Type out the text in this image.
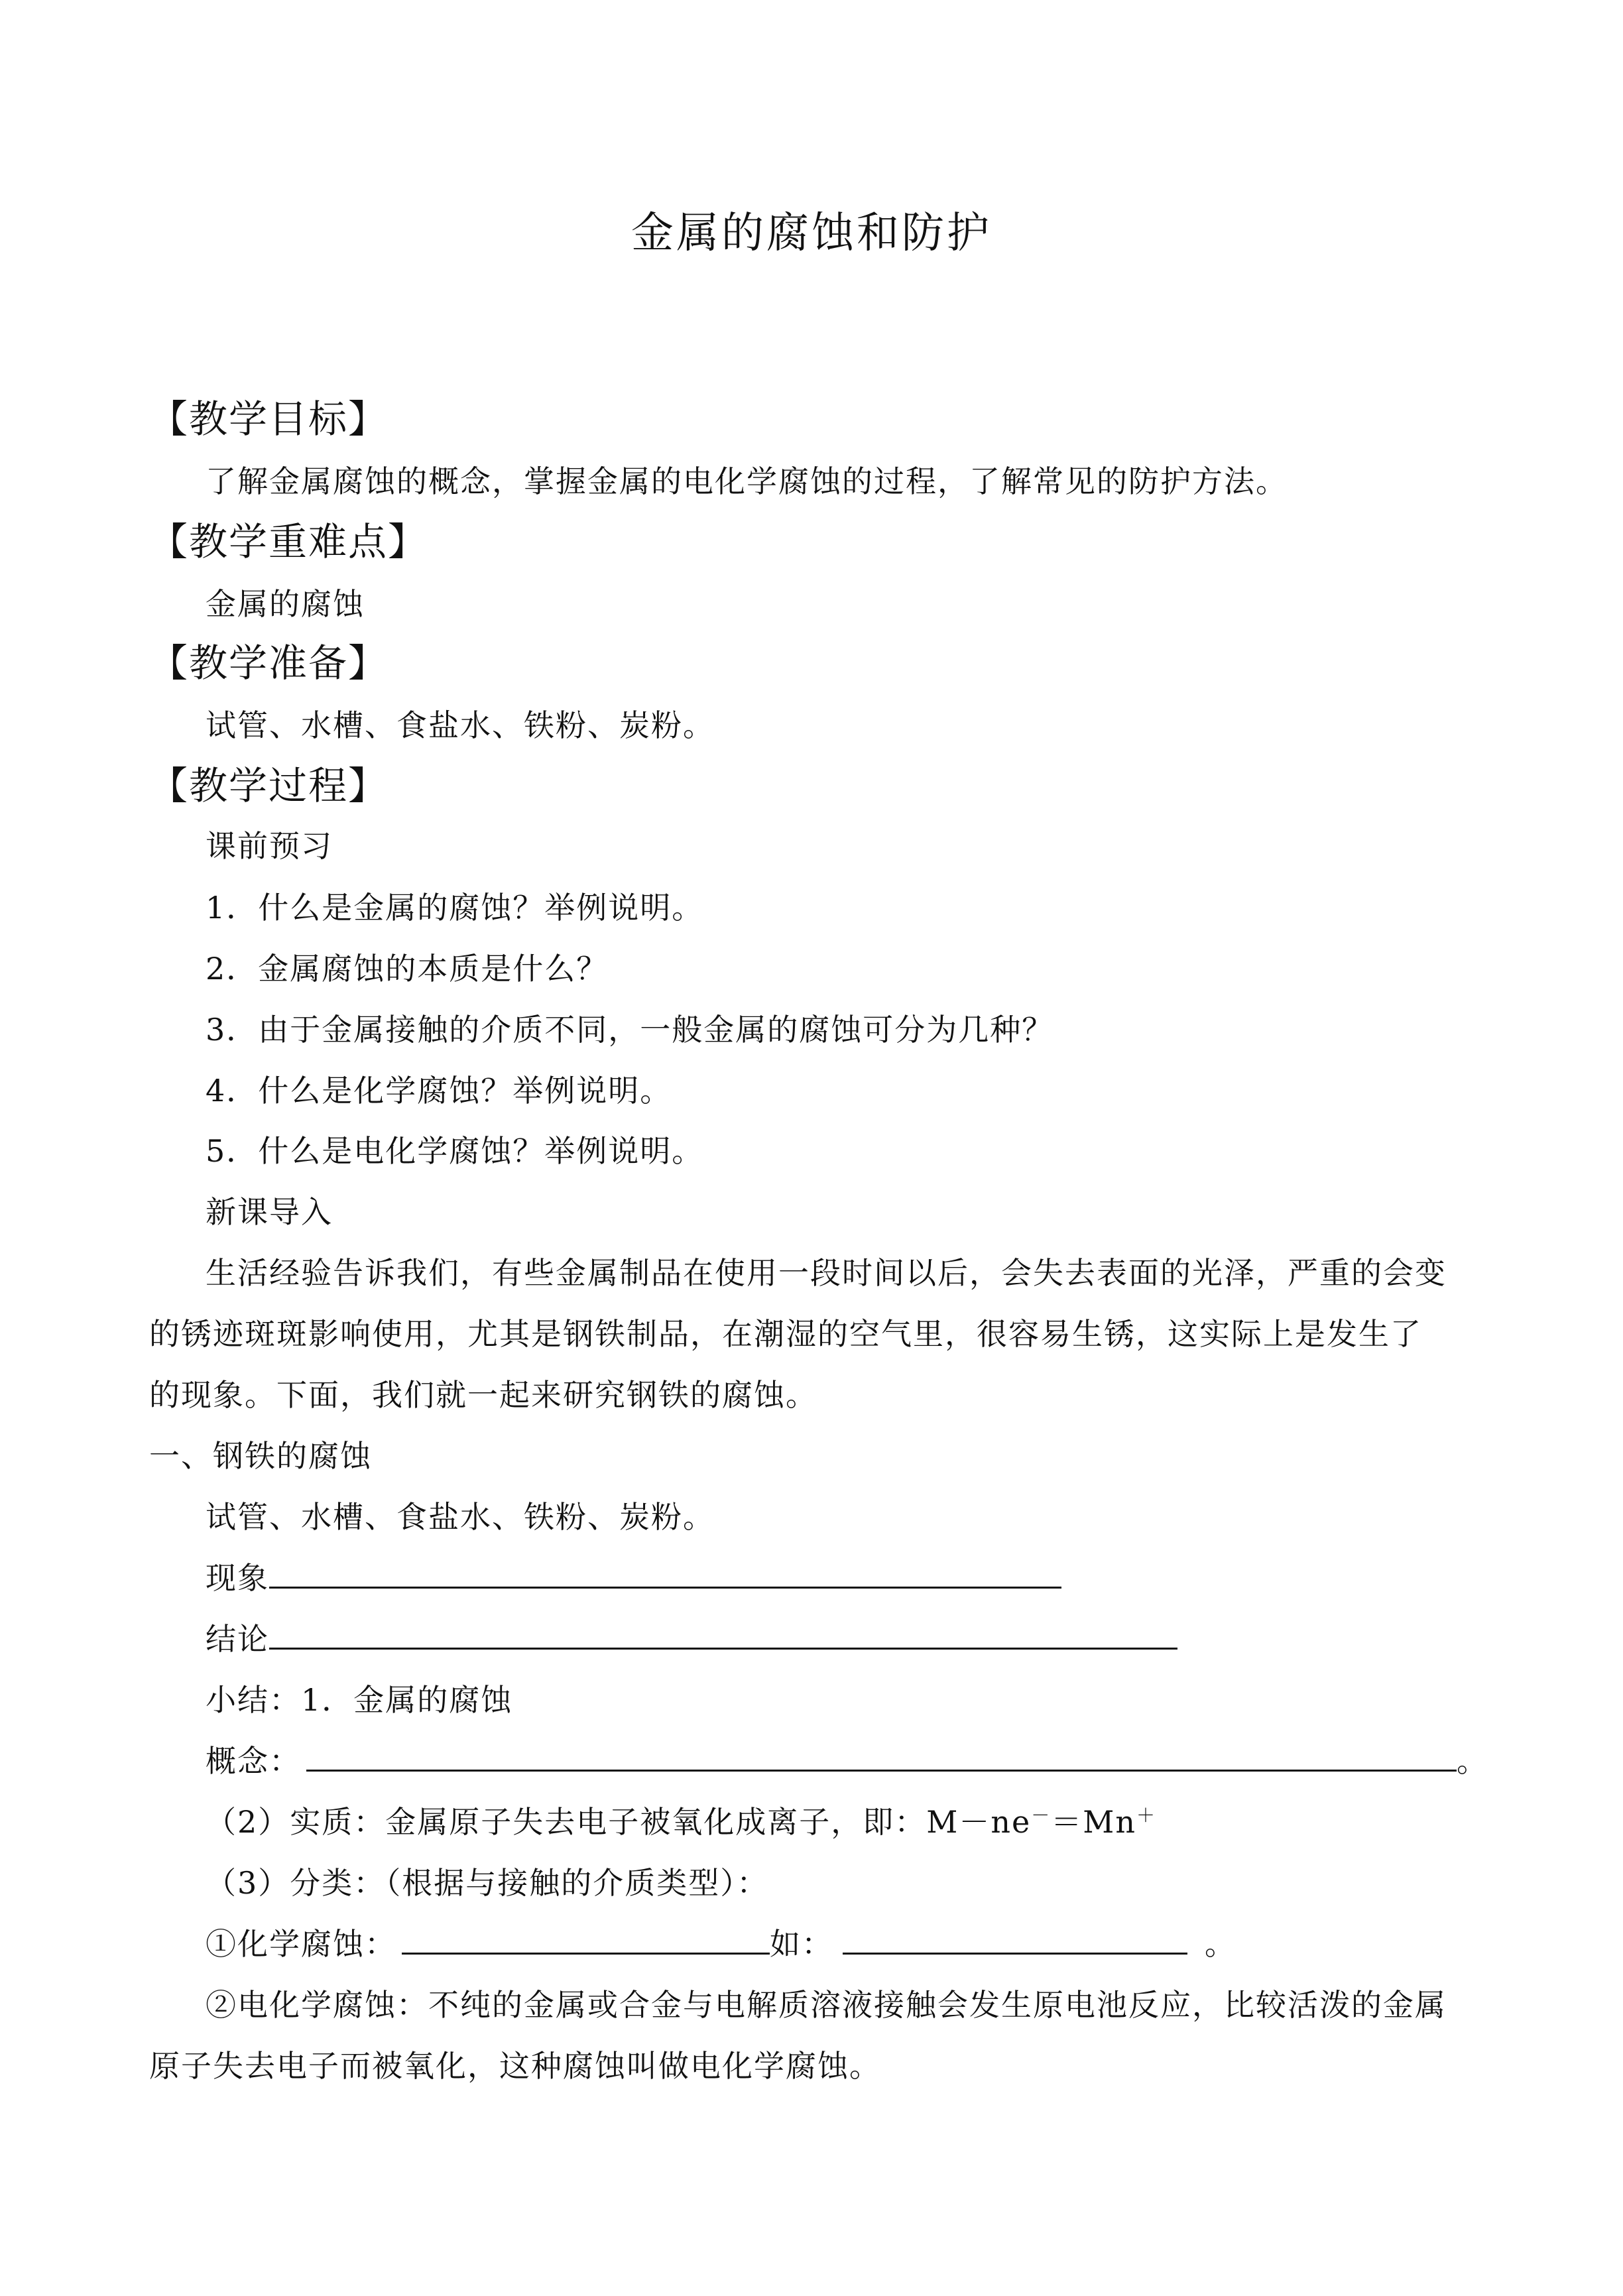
金属的腐蚀和防护
【教学目标】
了解金属腐蚀的概念，掌握金属的电化学腐蚀的过程，了解常见的防护方法。
【教学重难点】
金属的腐蚀
【教学准备】
试管、水槽、食盐水、铁粉、炭粉。
【教学过程】
课前预习
1．什么是金属的腐蚀？举例说明。
2．金属腐蚀的本质是什么？
3．由于金属接触的介质不同，一般金属的腐蚀可分为几种？
4．什么是化学腐蚀？举例说明。
5．什么是电化学腐蚀？举例说明。
新课导入
生活经验告诉我们，有些金属制品在使用一段时间以后，会失去表面的光泽，严重的会变
的锈迹斑斑影响使用，尤其是钢铁制品，在潮湿的空气里，很容易生锈，这实际上是发生了
的现象。下面，我们就一起来研究钢铁的腐蚀。
一、钢铁的腐蚀
试管、水槽、食盐水、铁粉、炭粉。
现象
结论
小结：1．金属的腐蚀
概念：	。
（2）实质：金属原子失去电子被氧化成离子，即：M－ne－＝Mn＋
（3）分类：（根据与接触的介质类型）：
①化学腐蚀：	如：	。
②电化学腐蚀：不纯的金属或合金与电解质溶液接触会发生原电池反应，比较活泼的金属
原子失去电子而被氧化，这种腐蚀叫做电化学腐蚀。
